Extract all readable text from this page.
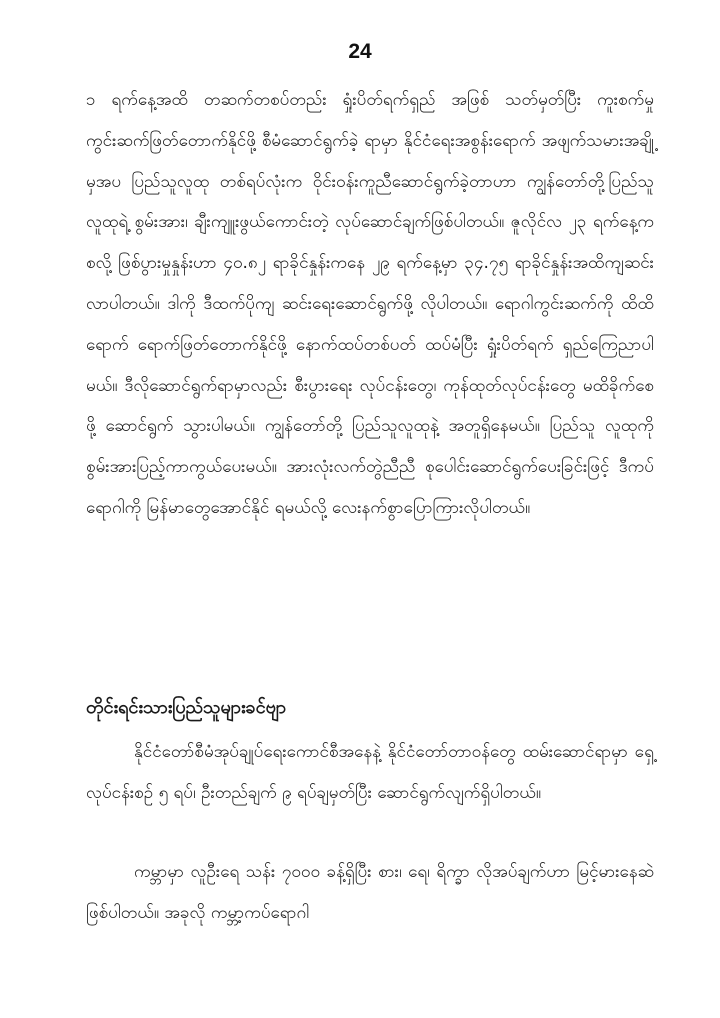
24

၁ ရက်နေ့အထိ တဆက်တစပ်တည်း ရှုံးပိတ်ရက်ရှည် အဖြစ် သတ်မှတ်ပြီး ကူးစက်မှုကွင်းဆက်ဖြတ်တောက်နိုင်ဖို့ စီမံဆောင်ရွက်ခဲ့ ရာမှာ နိုင်ငံရေးအစွန်းရောက် အဖျက်သမားအချို့မှအပ ပြည်သူလူထု တစ်ရပ်လုံးက ဝိုင်းဝန်းကူညီဆောင်ရွက်ခဲ့တာဟာ ကျွန်တော်တို့ပြည်သူ လူထုရဲ့ စွမ်းအား၊ ချီးကျူးဖွယ်ကောင်းတဲ့ လုပ်ဆောင်ချက်ဖြစ်ပါတယ်။ ဇူလိုင်လ ၂၃ ရက်နေ့က စလို့ ဖြစ်ပွားမှုနှုန်းဟာ ၄၀.၈၂ ရာခိုင်နှုန်းကနေ ၂၉ ရက်နေ့မှာ ၃၄.၇၅ ရာခိုင်နှုန်းအထိကျဆင်းလာပါတယ်။ ဒါကို ဒီထက်ပိုကျ ဆင်းရေးဆောင်ရွက်ဖို့ လိုပါတယ်။ ရောဂါကွင်းဆက်ကို ထိထိရောက် ရောက်ဖြတ်တောက်နိုင်ဖို့ နောက်ထပ်တစ်ပတ် ထပ်မံပြီး ရှုံးပိတ်ရက် ရှည်ကြေညာပါမယ်။ ဒီလိုဆောင်ရွက်ရာမှာလည်း စီးပွားရေး လုပ်ငန်းတွေ၊ ကုန်ထုတ်လုပ်ငန်းတွေ မထိခိုက်စေဖို့ ဆောင်ရွက် သွားပါမယ်။ ကျွန်တော်တို့ ပြည်သူလူထုနဲ့ အတူရှိနေမယ်။ ပြည်သူ လူထုကို စွမ်းအားပြည့်ကာကွယ်ပေးမယ်။ အားလုံးလက်တွဲညီညီ စုပေါင်းဆောင်ရွက်ပေးခြင်းဖြင့် ဒီကပ်ရောဂါကို မြန်မာတွေအောင်နိုင် ရမယ်လို့ လေးနက်စွာပြောကြားလိုပါတယ်။

တိုင်းရင်းသားပြည်သူများခင်ဗျာ

နိုင်ငံတော်စီမံအုပ်ချုပ်ရေးကောင်စီအနေနဲ့ နိုင်ငံတော်တာဝန်တွေ ထမ်းဆောင်ရာမှာ ရှေ့လုပ်ငန်းစဉ် ၅ ရပ်၊ ဦးတည်ချက် ၉ ရပ်ချမှတ်ပြီး ဆောင်ရွက်လျက်ရှိပါတယ်။

ကမ္ဘာမှာ လူဦးရေ သန်း ၇၀၀၀ ခန့်ရှိပြီး စား၊ ရေ၊ ရိက္ခာ လိုအပ်ချက်ဟာ မြင့်မားနေဆဲဖြစ်ပါတယ်။ အခုလို ကမ္ဘာ့ကပ်ရောဂါ
